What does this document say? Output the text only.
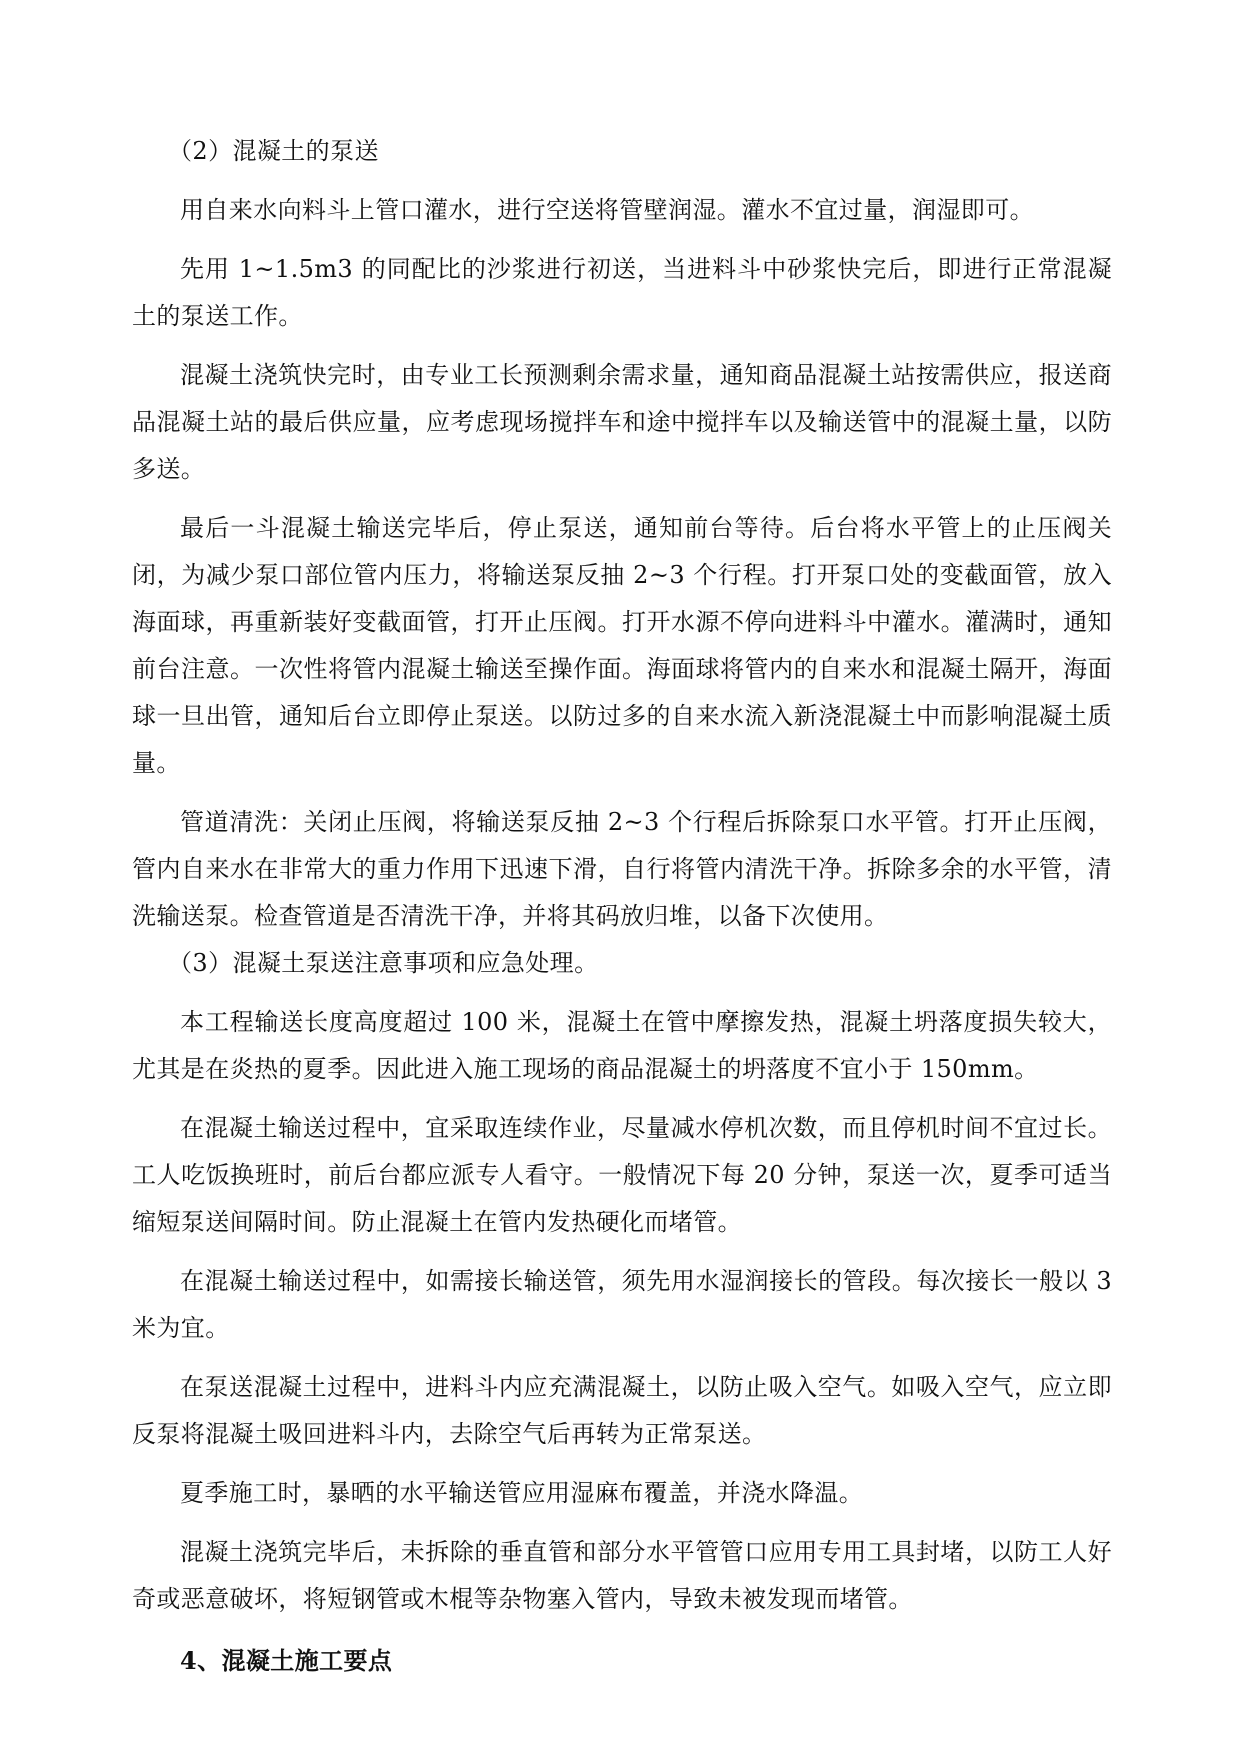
（2）混凝土的泵送

用自来水向料斗上管口灌水，进行空送将管壁润湿。灌水不宜过量，润湿即可。

先用 1~1.5m3 的同配比的沙浆进行初送，当进料斗中砂浆快完后，即进行正常混凝土的泵送工作。

混凝土浇筑快完时，由专业工长预测剩余需求量，通知商品混凝土站按需供应，报送商品混凝土站的最后供应量，应考虑现场搅拌车和途中搅拌车以及输送管中的混凝土量，以防多送。

最后一斗混凝土输送完毕后，停止泵送，通知前台等待。后台将水平管上的止压阀关闭，为减少泵口部位管内压力，将输送泵反抽 2~3 个行程。打开泵口处的变截面管，放入海面球，再重新装好变截面管，打开止压阀。打开水源不停向进料斗中灌水。灌满时，通知前台注意。一次性将管内混凝土输送至操作面。海面球将管内的自来水和混凝土隔开，海面球一旦出管，通知后台立即停止泵送。以防过多的自来水流入新浇混凝土中而影响混凝土质量。

管道清洗：关闭止压阀，将输送泵反抽 2~3 个行程后拆除泵口水平管。打开止压阀，管内自来水在非常大的重力作用下迅速下滑，自行将管内清洗干净。拆除多余的水平管，清洗输送泵。检查管道是否清洗干净，并将其码放归堆，以备下次使用。

（3）混凝土泵送注意事项和应急处理。

本工程输送长度高度超过 100 米，混凝土在管中摩擦发热，混凝土坍落度损失较大，尤其是在炎热的夏季。因此进入施工现场的商品混凝土的坍落度不宜小于 150mm。

在混凝土输送过程中，宜采取连续作业，尽量减水停机次数，而且停机时间不宜过长。工人吃饭换班时，前后台都应派专人看守。一般情况下每 20 分钟，泵送一次，夏季可适当缩短泵送间隔时间。防止混凝土在管内发热硬化而堵管。

在混凝土输送过程中，如需接长输送管，须先用水湿润接长的管段。每次接长一般以 3 米为宜。

在泵送混凝土过程中，进料斗内应充满混凝土，以防止吸入空气。如吸入空气，应立即反泵将混凝土吸回进料斗内，去除空气后再转为正常泵送。

夏季施工时，暴晒的水平输送管应用湿麻布覆盖，并浇水降温。

混凝土浇筑完毕后，未拆除的垂直管和部分水平管管口应用专用工具封堵，以防工人好奇或恶意破坏，将短钢管或木棍等杂物塞入管内，导致未被发现而堵管。

4、混凝土施工要点
